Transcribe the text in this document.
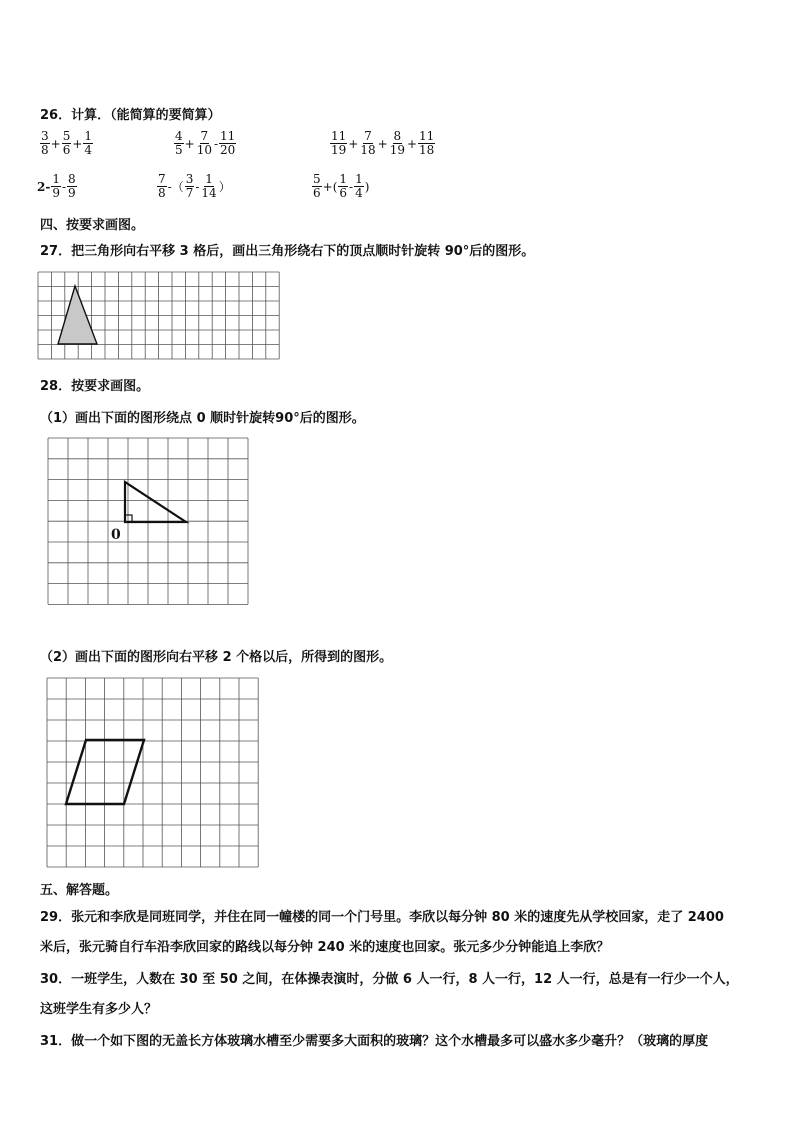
26．计算．（能简算的要简算）
$\frac{3}{8} + \frac{5}{6} + \frac{1}{4}$	$\frac{4}{5} + \frac{7}{10} - \frac{11}{20}$	$\frac{11}{19} + \frac{7}{18} + \frac{8}{19} + \frac{11}{18}$
$2- \frac{1}{9} - \frac{8}{9}$	$\frac{7}{8}$ -（ $\frac{3}{7} - \frac{1}{14}$ ）	$\frac{5}{6}$ +( $\frac{1}{6} - \frac{1}{4}$ )
四、按要求画图。
27．把三角形向右平移 3 格后，画出三角形绕右下的顶点顺时针旋转 90°后的图形。
28．按要求画图。
（1）画出下面的图形绕点 0 顺时针旋转90°后的图形。
0
（2）画出下面的图形向右平移 2 个格以后，所得到的图形。
五、解答题。
29．张元和李欣是同班同学，并住在同一幢楼的同一个门号里。李欣以每分钟 80 米的速度先从学校回家，走了 2400
米后，张元骑自行车沿李欣回家的路线以每分钟 240 米的速度也回家。张元多少分钟能追上李欣？
30．一班学生，人数在 30 至 50 之间，在体操表演时，分做 6 人一行，8 人一行，12 人一行，总是有一行少一个人，
这班学生有多少人？
31．做一个如下图的无盖长方体玻璃水槽至少需要多大面积的玻璃？这个水槽最多可以盛水多少毫升？（玻璃的厚度
